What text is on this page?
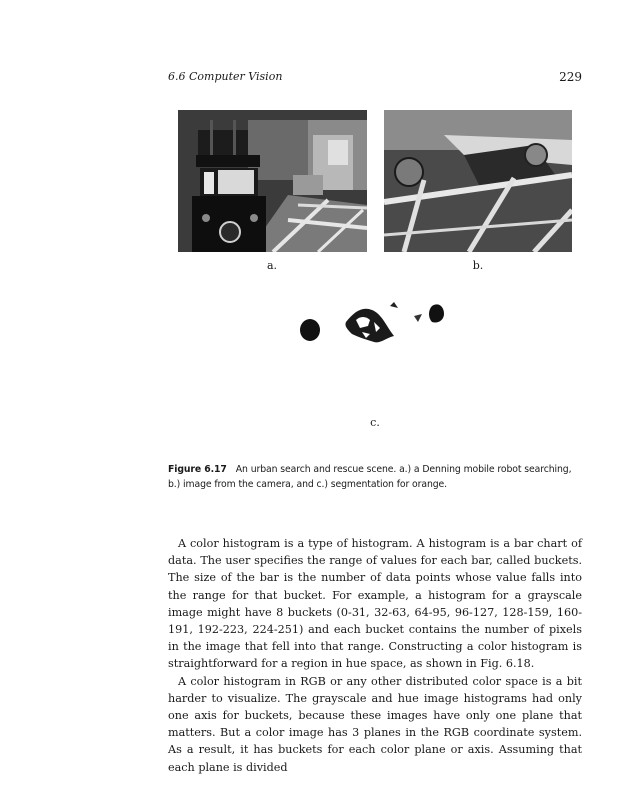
6.6 Computer Vision	229
a.	b.
c.
Figure 6.17 An urban search and rescue scene. a.) a Denning mobile robot searching, b.) image from the camera, and c.) segmentation for orange.

A color histogram is a type of histogram. A histogram is a bar chart of data. The user specifies the range of values for each bar, called buckets. The size of the bar is the number of data points whose value falls into the range for that bucket. For example, a histogram for a grayscale image might have 8 buckets (0-31, 32-63, 64-95, 96-127, 128-159, 160-191, 192-223, 224-251) and each bucket contains the number of pixels in the image that fell into that range. Constructing a color histogram is straightforward for a region in hue space, as shown in Fig. 6.18.

A color histogram in RGB or any other distributed color space is a bit harder to visualize. The grayscale and hue image histograms had only one axis for buckets, because these images have only one plane that matters. But a color image has 3 planes in the RGB coordinate system. As a result, it has buckets for each color plane or axis. Assuming that each plane is divided
